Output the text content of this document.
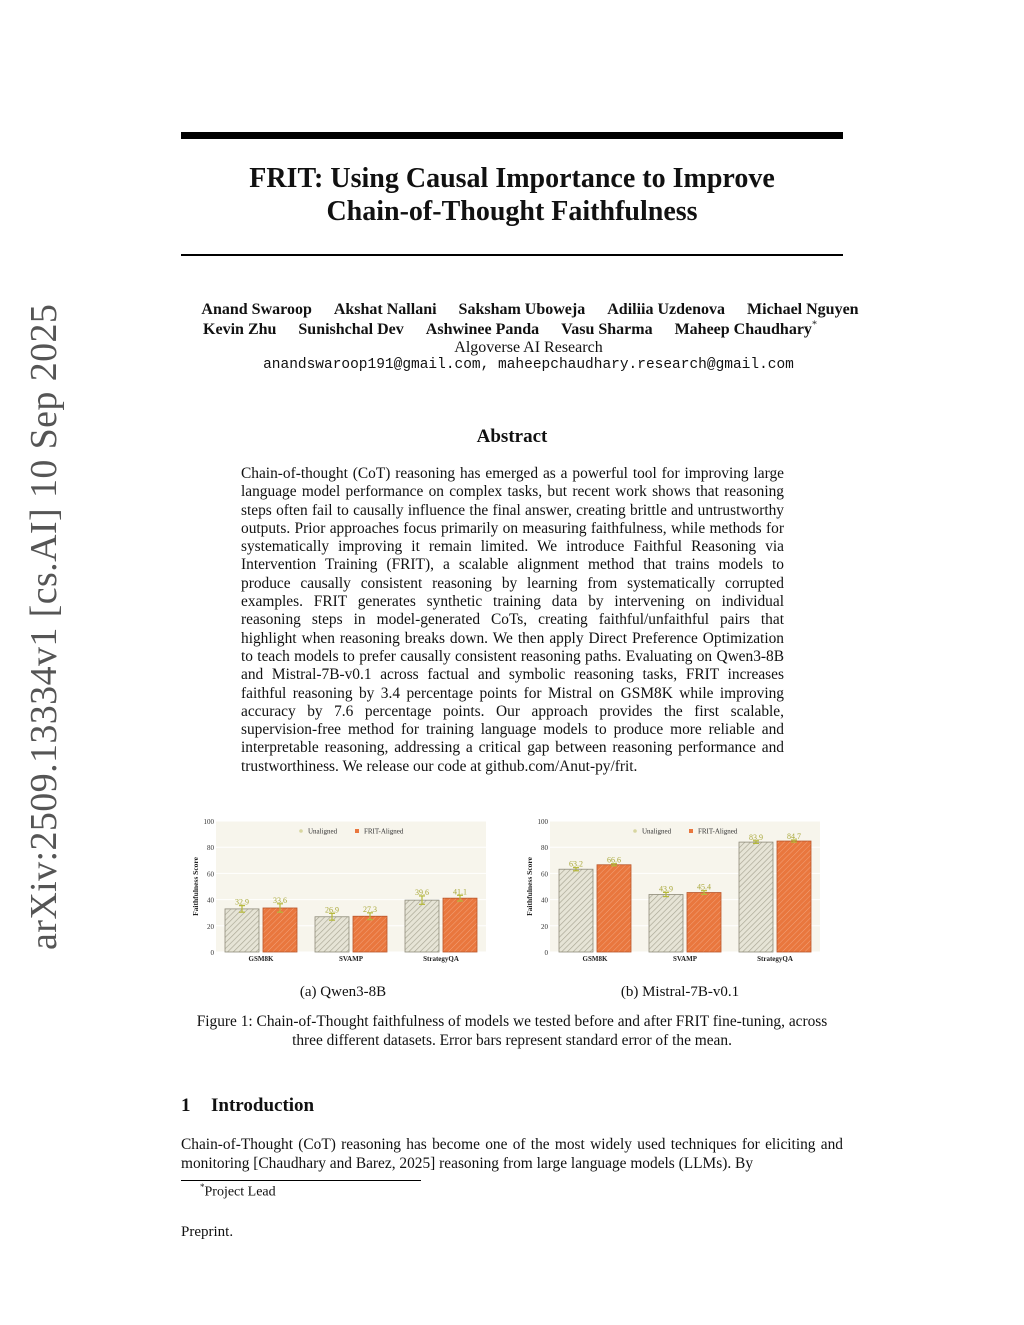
arXiv:2509.13334v1 [cs.AI] 10 Sep 2025
FRIT: Using Causal Importance to Improve
Chain-of-Thought Faithfulness
Anand Swaroop Akshat Nallani Saksham Uboweja Adiliia Uzdenova Michael Nguyen
Kevin Zhu Sunishchal Dev Ashwinee Panda Vasu Sharma Maheep Chaudhary*
Algoverse AI Research
anandswaroop191@gmail.com, maheepchaudhary.research@gmail.com
Abstract
Chain-of-thought (CoT) reasoning has emerged as a powerful tool for improving large language model performance on complex tasks, but recent work shows that reasoning steps often fail to causally influence the final answer, creating brittle and untrustworthy outputs. Prior approaches focus primarily on measuring faithfulness, while methods for systematically improving it remain limited. We introduce Faithful Reasoning via Intervention Training (FRIT), a scalable alignment method that trains models to produce causally consistent reasoning by learning from systematically corrupted examples. FRIT generates synthetic training data by intervening on individual reasoning steps in model-generated CoTs, creating faithful/unfaithful pairs that highlight when reasoning breaks down. We then apply Direct Preference Optimization to teach models to prefer causally consistent reasoning paths. Evaluating on Qwen3-8B and Mistral-7B-v0.1 across factual and symbolic reasoning tasks, FRIT increases faithful reasoning by 3.4 percentage points for Mistral on GSM8K while improving accuracy by 7.6 percentage points. Our approach provides the first scalable, supervision-free method for training language models to produce more reliable and interpretable reasoning, addressing a critical gap between reasoning performance and trustworthiness. We release our code at github.com/Anut-py/frit.
0
20
40
60
80
100
Faithfulness Score	32.9	33.6
GSM8K
26.9	27.3
SVAMP
39.6	41.1
StrategyQA
Unaligned	FRIT-Aligned
0
20
40
60
80
100
Faithfulness Score	63.2	66.6
GSM8K
43.9	45.4
SVAMP
83.9	84.7
StrategyQA
Unaligned	FRIT-Aligned
(a) Qwen3-8B	(b) Mistral-7B-v0.1
Figure 1: Chain-of-Thought faithfulness of models we tested before and after FRIT fine-tuning, across three different datasets. Error bars represent standard error of the mean.
1 Introduction
Chain-of-Thought (CoT) reasoning has become one of the most widely used techniques for eliciting and monitoring [Chaudhary and Barez, 2025] reasoning from large language models (LLMs). By
*Project Lead
Preprint.
